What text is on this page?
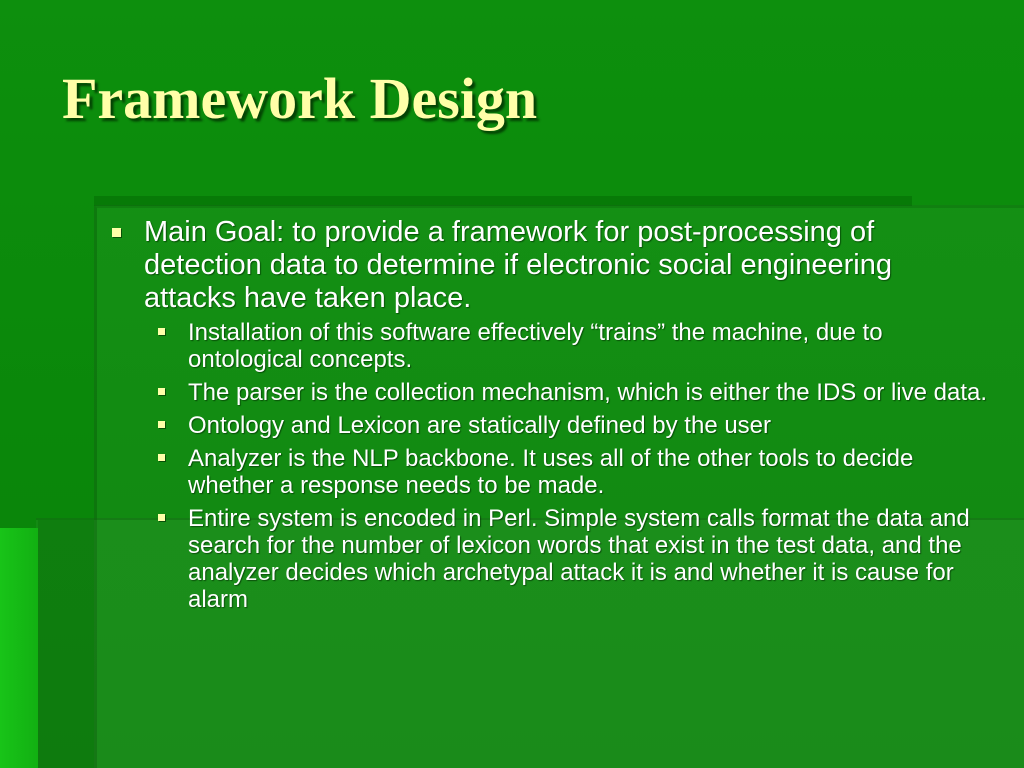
Framework Design
Main Goal: to provide a framework for post-processing of detection data to determine if electronic social engineering attacks have taken place.
Installation of this software effectively “trains” the machine, due to ontological concepts.
The parser is the collection mechanism, which is either the IDS or live data.
Ontology and Lexicon are statically defined by the user
Analyzer is the NLP backbone. It uses all of the other tools to decide whether a response needs to be made.
Entire system is encoded in Perl. Simple system calls format the data and search for the number of lexicon words that exist in the test data, and the analyzer decides which archetypal attack it is and whether it is cause for alarm
